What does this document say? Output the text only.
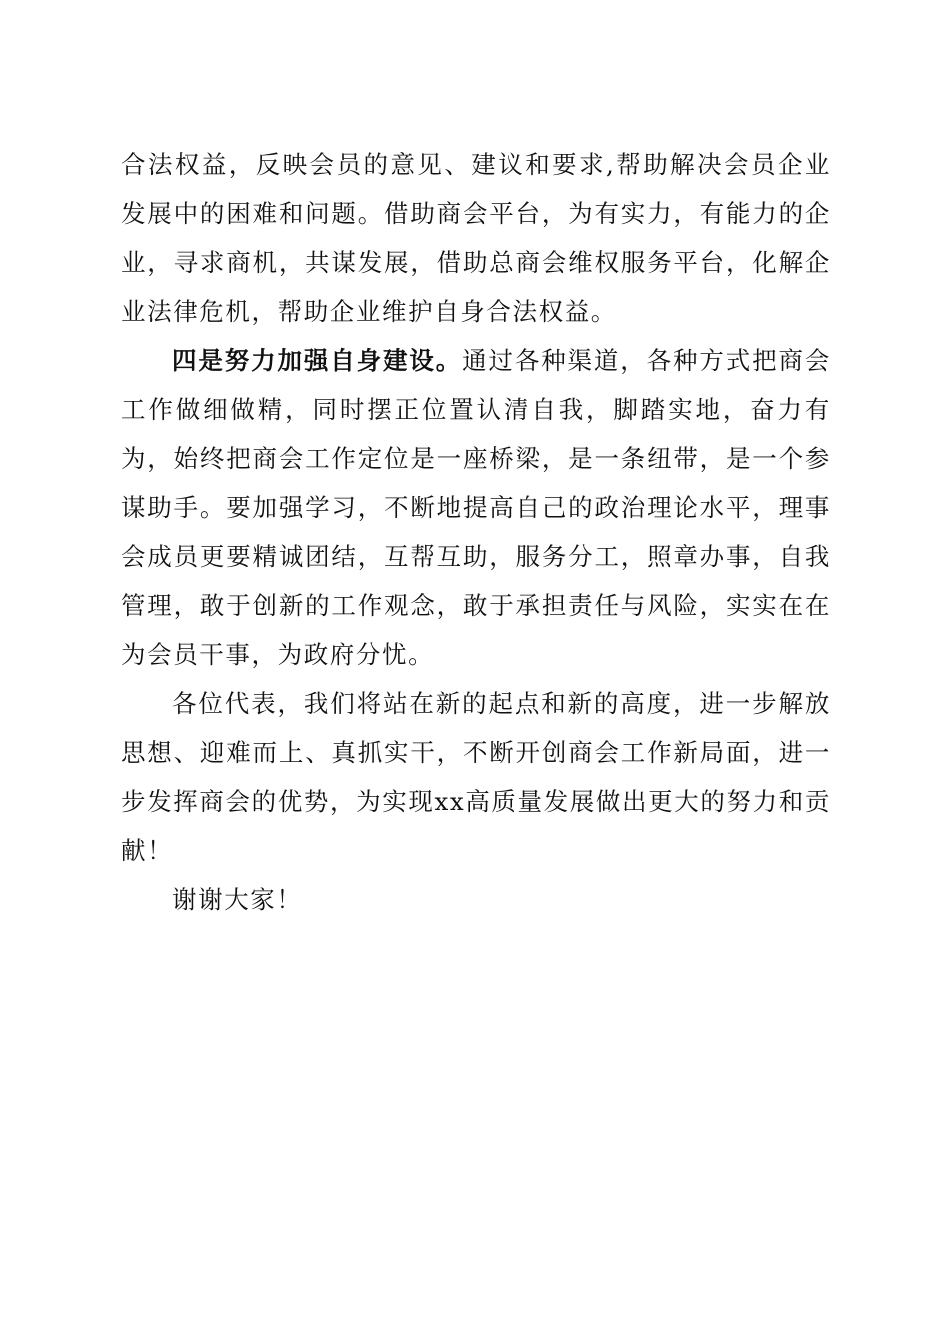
合法权益，反映会员的意见、建议和要求,帮助解决会员企业发展中的困难和问题。借助商会平台，为有实力，有能力的企业，寻求商机，共谋发展，借助总商会维权服务平台，化解企业法律危机，帮助企业维护自身合法权益。

四是努力加强自身建设。通过各种渠道，各种方式把商会工作做细做精，同时摆正位置认清自我，脚踏实地，奋力有为，始终把商会工作定位是一座桥梁，是一条纽带，是一个参谋助手。要加强学习，不断地提高自己的政治理论水平，理事会成员更要精诚团结，互帮互助，服务分工，照章办事，自我管理，敢于创新的工作观念，敢于承担责任与风险，实实在在为会员干事，为政府分忧。

各位代表，我们将站在新的起点和新的高度，进一步解放思想、迎难而上、真抓实干，不断开创商会工作新局面，进一步发挥商会的优势，为实现xx高质量发展做出更大的努力和贡献！

谢谢大家！
